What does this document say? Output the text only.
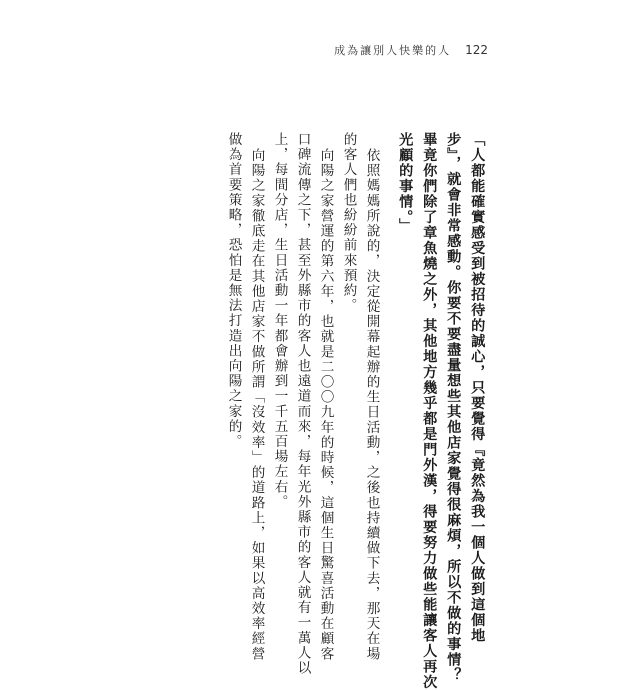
成為讓別人快樂的人 122
「人都能確實感受到被招待的誠心，只要覺得『竟然為我一個人做到這個地
步』，就會非常感動。你要不要盡量想些其他店家覺得很麻煩，所以不做的事情？
畢竟你們除了章魚燒之外，其他地方幾乎都是門外漢，得要努力做些能讓客人再次
光顧的事情。」
依照媽媽所說的，決定從開幕起辦的生日活動，之後也持續做下去，那天在場
的客人們也紛紛前來預約。
向陽之家營運的第六年，也就是二〇〇九年的時候，這個生日驚喜活動在顧客
口碑流傳之下，甚至外縣市的客人也遠道而來，每年光外縣市的客人就有一萬人以
上，每間分店，生日活動一年都會辦到一千五百場左右。
向陽之家徹底走在其他店家不做所謂「沒效率」的道路上，如果以高效率經營
做為首要策略，恐怕是無法打造出向陽之家的。
